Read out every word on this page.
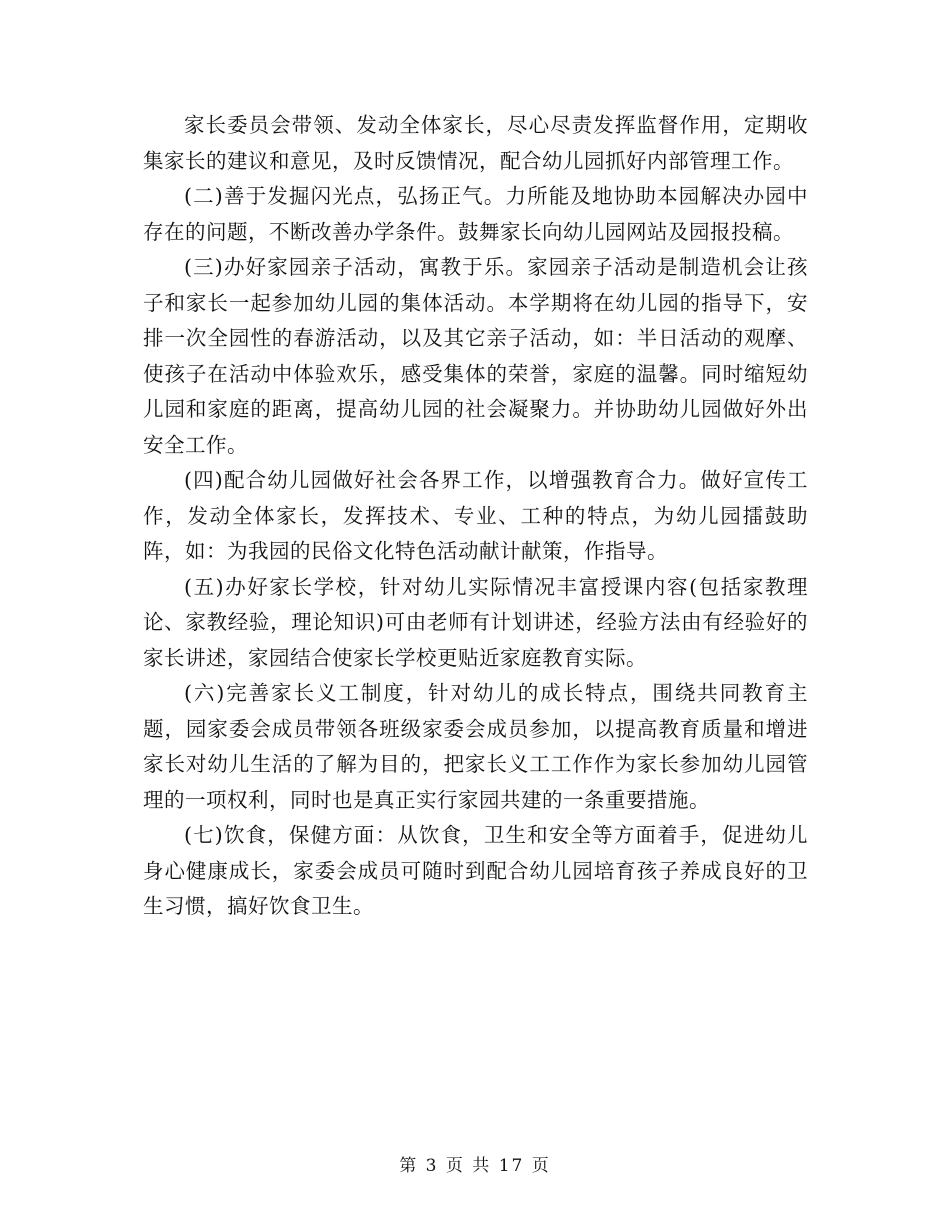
家长委员会带领、发动全体家长，尽心尽责发挥监督作用，定期收集家长的建议和意见，及时反馈情况，配合幼儿园抓好内部管理工作。

(二)善于发掘闪光点，弘扬正气。力所能及地协助本园解决办园中存在的问题，不断改善办学条件。鼓舞家长向幼儿园网站及园报投稿。

(三)办好家园亲子活动，寓教于乐。家园亲子活动是制造机会让孩子和家长一起参加幼儿园的集体活动。本学期将在幼儿园的指导下，安排一次全园性的春游活动，以及其它亲子活动，如：半日活动的观摩、使孩子在活动中体验欢乐，感受集体的荣誉，家庭的温馨。同时缩短幼儿园和家庭的距离，提高幼儿园的社会凝聚力。并协助幼儿园做好外出安全工作。

(四)配合幼儿园做好社会各界工作，以增强教育合力。做好宣传工作，发动全体家长，发挥技术、专业、工种的特点，为幼儿园擂鼓助阵，如：为我园的民俗文化特色活动献计献策，作指导。

(五)办好家长学校，针对幼儿实际情况丰富授课内容(包括家教理论、家教经验，理论知识)可由老师有计划讲述，经验方法由有经验好的家长讲述，家园结合使家长学校更贴近家庭教育实际。

(六)完善家长义工制度，针对幼儿的成长特点，围绕共同教育主题，园家委会成员带领各班级家委会成员参加，以提高教育质量和增进家长对幼儿生活的了解为目的，把家长义工工作作为家长参加幼儿园管理的一项权利，同时也是真正实行家园共建的一条重要措施。

(七)饮食，保健方面：从饮食，卫生和安全等方面着手，促进幼儿身心健康成长，家委会成员可随时到配合幼儿园培育孩子养成良好的卫生习惯，搞好饮食卫生。

第 3 页 共 17 页
